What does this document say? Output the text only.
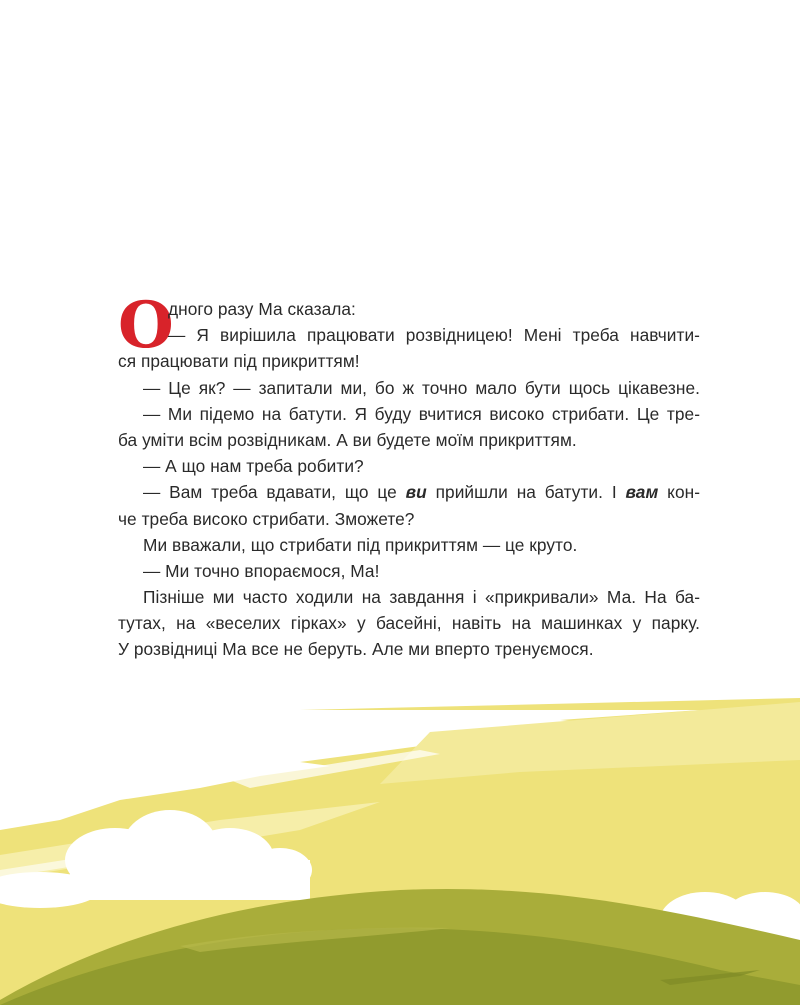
О
дного разу Ма сказала:
— Я вирішила працювати розвідницею! Мені треба навчити-
ся працювати під прикриттям!
— Це як? — запитали ми, бо ж точно мало бути щось цікавезне.
— Ми підемо на батути. Я буду вчитися високо стрибати. Це тре-
ба уміти всім розвідникам. А ви будете моїм прикриттям.
— А що нам треба робити?
— Вам треба вдавати, що це ви прийшли на батути. І вам кон-
че треба високо стрибати. Зможете?
Ми вважали, що стрибати під прикриттям — це круто.
— Ми точно впораємося, Ма!
Пізніше ми часто ходили на завдання і «прикривали» Ма. На ба-
тутах, на «веселих гірках» у басейні, навіть на машинках у парку.
У розвідниці Ма все не беруть. Але ми вперто тренуємося.
